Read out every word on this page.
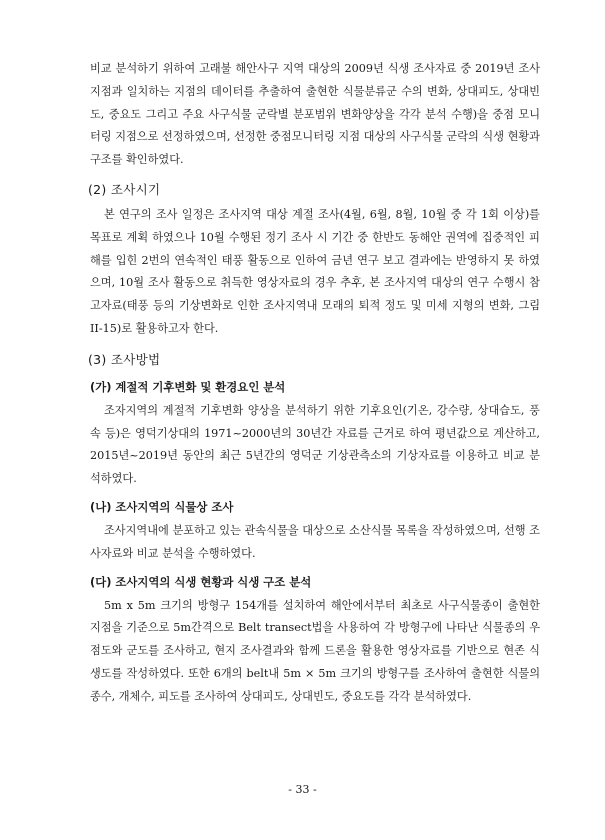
비교 분석하기 위하여 고래불 해안사구 지역 대상의 2009년 식생 조사자료 중 2019년 조사지점과 일치하는 지점의 데이터를 추출하여 출현한 식물분류군 수의 변화, 상대피도, 상대빈도, 중요도 그리고 주요 사구식물 군락별 분포범위 변화양상을 각각 분석 수행)을 중점 모니터링 지점으로 선정하였으며, 선정한 중점모니터링 지점 대상의 사구식물 군락의 식생 현황과 구조를 확인하였다.

(2) 조사시기

본 연구의 조사 일정은 조사지역 대상 계절 조사(4월, 6월, 8월, 10월 중 각 1회 이상)를 목표로 계획 하였으나 10월 수행된 정기 조사 시 기간 중 한반도 동해안 권역에 집중적인 피해를 입힌 2번의 연속적인 태풍 활동으로 인하여 금년 연구 보고 결과에는 반영하지 못 하였으며, 10월 조사 활동으로 취득한 영상자료의 경우 추후, 본 조사지역 대상의 연구 수행시 참고자료(태풍 등의 기상변화로 인한 조사지역내 모래의 퇴적 정도 및 미세 지형의 변화, 그림 II-15)로 활용하고자 한다.

(3) 조사방법
(가) 계절적 기후변화 및 환경요인 분석

조자지역의 계절적 기후변화 양상을 분석하기 위한 기후요인(기온, 강수량, 상대습도, 풍속 등)은 영덕기상대의 1971~2000년의 30년간 자료를 근거로 하여 평년값으로 계산하고, 2015년~2019년 동안의 최근 5년간의 영덕군 기상관측소의 기상자료를 이용하고 비교 분석하였다.

(나) 조사지역의 식물상 조사

조사지역내에 분포하고 있는 관속식물을 대상으로 소산식물 목록을 작성하였으며, 선행 조사자료와 비교 분석을 수행하였다.

(다) 조사지역의 식생 현황과 식생 구조 분석

5m x 5m 크기의 방형구 154개를 설치하여 해안에서부터 최초로 사구식물종이 출현한 지점을 기준으로 5m간격으로 Belt transect법을 사용하여 각 방형구에 나타난 식물종의 우점도와 군도를 조사하고, 현지 조사결과와 함께 드론을 활용한 영상자료를 기반으로 현존 식생도를 작성하였다. 또한 6개의 belt내 5m × 5m 크기의 방형구를 조사하여 출현한 식물의 종수, 개체수, 피도를 조사하여 상대피도, 상대빈도, 중요도를 각각 분석하였다.

- 33 -
